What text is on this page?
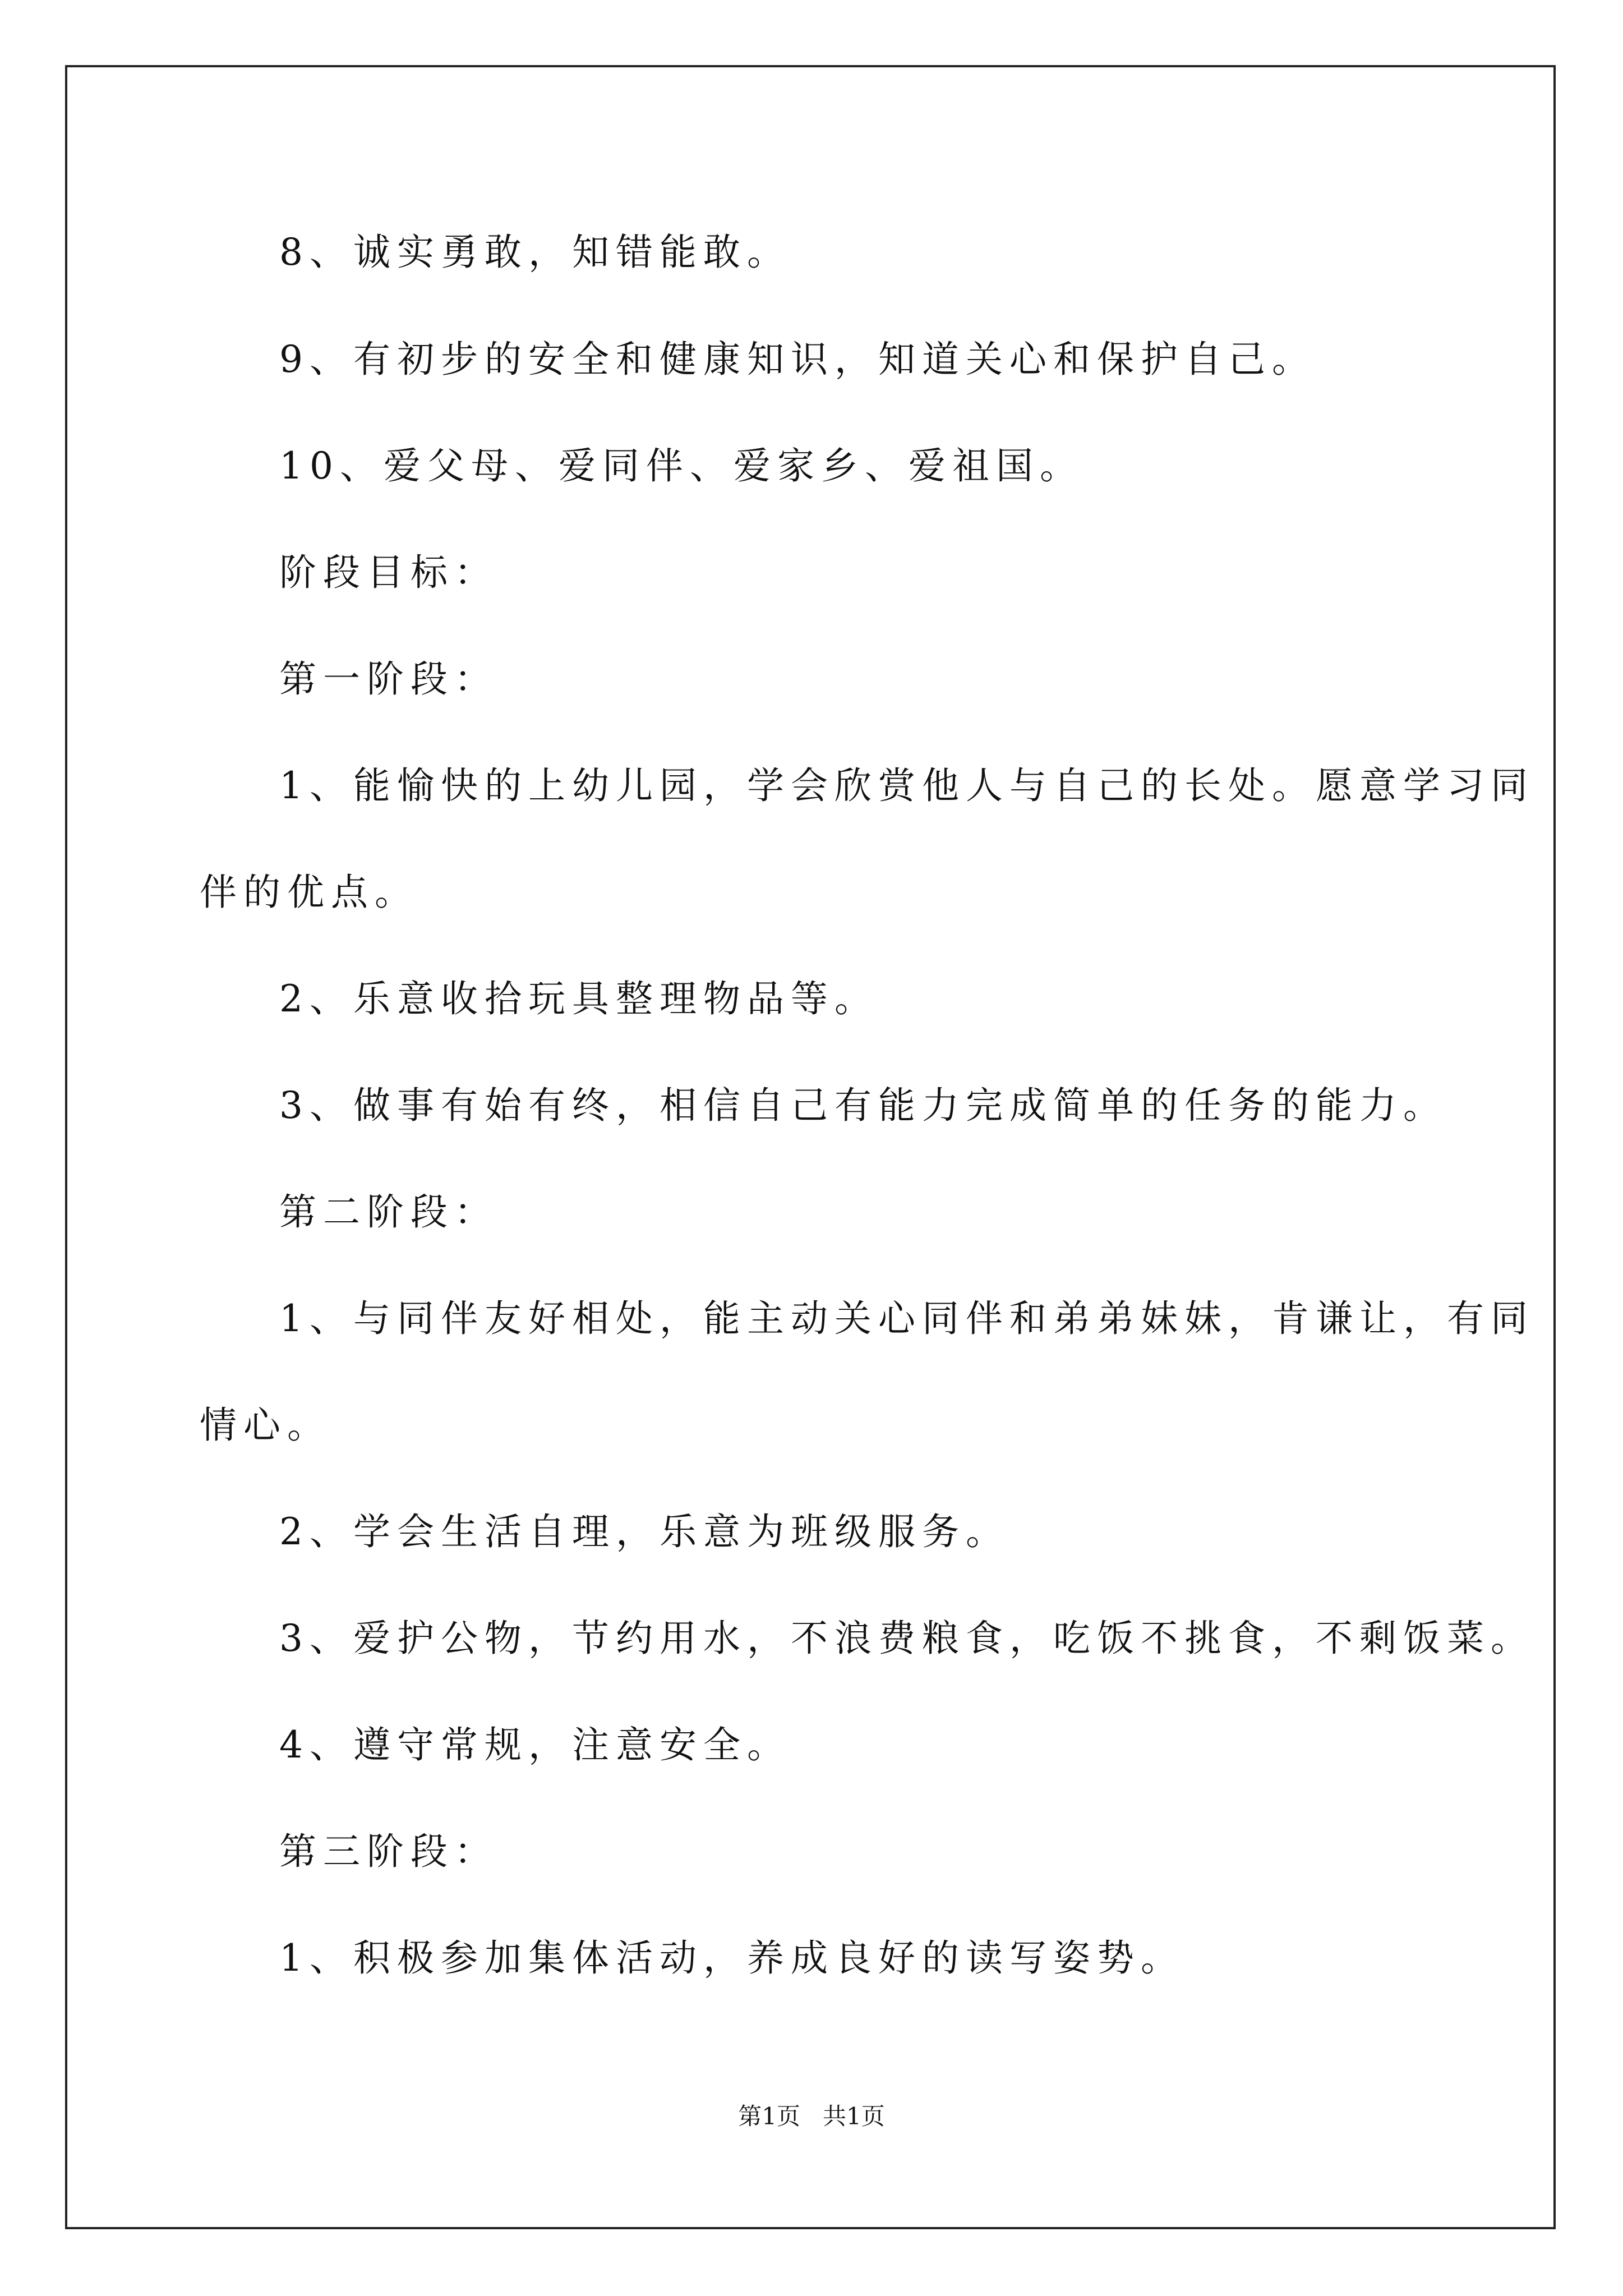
8、诚实勇敢，知错能敢。
9、有初步的安全和健康知识，知道关心和保护自己。
10、爱父母、爱同伴、爱家乡、爱祖国。
阶段目标：
第一阶段：
1、能愉快的上幼儿园，学会欣赏他人与自己的长处。愿意学习同
伴的优点。
2、乐意收拾玩具整理物品等。
3、做事有始有终，相信自己有能力完成简单的任务的能力。
第二阶段：
1、与同伴友好相处，能主动关心同伴和弟弟妹妹，肯谦让，有同
情心。
2、学会生活自理，乐意为班级服务。
3、爱护公物，节约用水，不浪费粮食，吃饭不挑食，不剩饭菜。
4、遵守常规，注意安全。
第三阶段：
1、积极参加集体活动，养成良好的读写姿势。
第1页   共1页
